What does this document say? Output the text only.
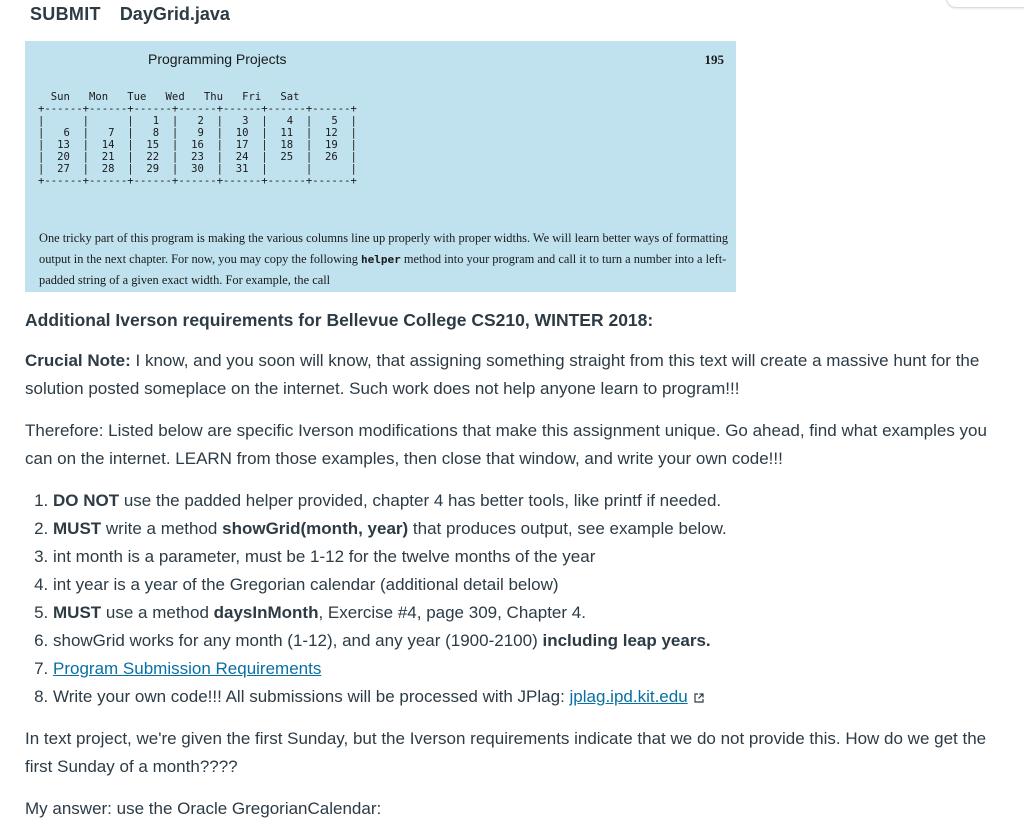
SUBMIT DayGrid.java
Programming Projects	195
Sun   Mon   Tue   Wed   Thu   Fri   Sat
+------+------+------+------+------+------+------+
|      |      |   1  |   2  |   3  |   4  |   5  |
|   6  |   7  |   8  |   9  |  10  |  11  |  12  |
|  13  |  14  |  15  |  16  |  17  |  18  |  19  |
|  20  |  21  |  22  |  23  |  24  |  25  |  26  |
|  27  |  28  |  29  |  30  |  31  |      |      |
+------+------+------+------+------+------+------+
One tricky part of this program is making the various columns line up properly with proper widths. We will learn better ways of formatting output in the next chapter. For now, you may copy the following helper method into your program and call it to turn a number into a left-padded string of a given exact width. For example, the call
Additional Iverson requirements for Bellevue College CS210, WINTER 2018:

Crucial Note: I know, and you soon will know, that assigning something straight from this text will create a massive hunt for the solution posted someplace on the internet. Such work does not help anyone learn to program!!!

Therefore: Listed below are specific Iverson modifications that make this assignment unique. Go ahead, find what examples you can on the internet. LEARN from those examples, then close that window, and write your own code!!!

1. DO NOT use the padded helper provided, chapter 4 has better tools, like printf if needed.
2. MUST write a method showGrid(month, year) that produces output, see example below.
3. int month is a parameter, must be 1-12 for the twelve months of the year
4. int year is a year of the Gregorian calendar (additional detail below)
5. MUST use a method daysInMonth, Exercise #4, page 309, Chapter 4.
6. showGrid works for any month (1-12), and any year (1900-2100) including leap years.
7. Program Submission Requirements
8. Write your own code!!! All submissions will be processed with JPlag: jplag.ipd.kit.edu

In text project, we're given the first Sunday, but the Iverson requirements indicate that we do not provide this. How do we get the first Sunday of a month????

My answer: use the Oracle GregorianCalendar:
